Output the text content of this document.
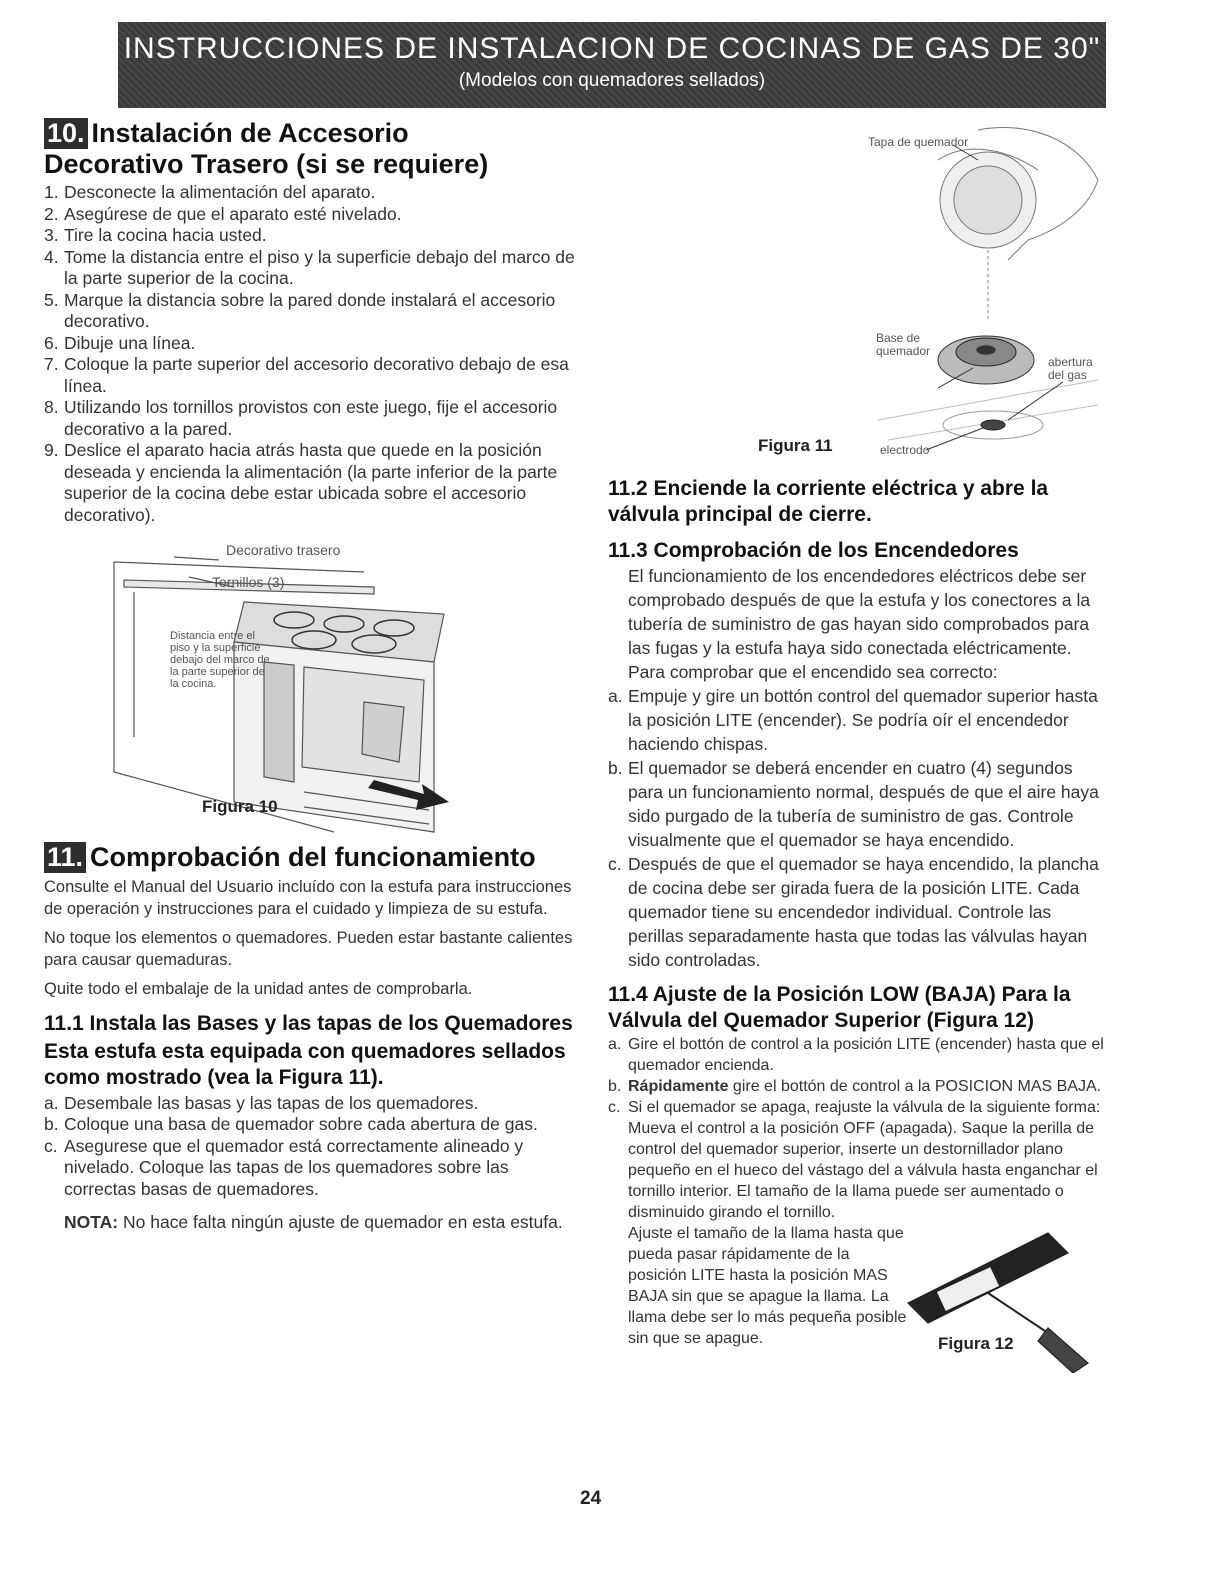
INSTRUCCIONES DE INSTALACION DE COCINAS DE GAS DE 30"
(Modelos con quemadores sellados)
10. Instalación de Accesorio
Decorativo Trasero (si se requiere)
1. Desconecte la alimentación del aparato.
2. Asegúrese de que el aparato esté nivelado.
3. Tire la cocina hacia usted.
4. Tome la distancia entre el piso y la superficie debajo del marco de la parte superior de la cocina.
5. Marque la distancia sobre la pared donde instalará el accesorio decorativo.
6. Dibuje una línea.
7. Coloque la parte superior del accesorio decorativo debajo de esa línea.
8. Utilizando los tornillos provistos con este juego, fije el accesorio decorativo a la pared.
9. Deslice el aparato hacia atrás hasta que quede en la posición deseada y encienda la alimentación (la parte inferior de la parte superior de la cocina debe estar ubicada sobre el accesorio decorativo).
Decorativo trasero
Tornillos (3)
Distancia entre el
piso y la superficie
debajo del marco de
la parte superior de
la cocina.
Figura 10
11. Comprobación del funcionamiento

Consulte el Manual del Usuario incluído con la estufa para instrucciones de operación y instrucciones para el cuidado y limpieza de su estufa.

No toque los elementos o quemadores. Pueden estar bastante calientes para causar quemaduras.

Quite todo el embalaje de la unidad antes de comprobarla.

11.1 Instala las Bases y las tapas de los Quemadores
Esta estufa esta equipada con quemadores sellados como mostrado (vea la Figura 11).
a. Desembale las basas y las tapas de los quemadores.
b. Coloque una basa de quemador sobre cada abertura de gas.
c. Asegurese que el quemador está correctamente alineado y nivelado. Coloque las tapas de los quemadores sobre las correctas basas de quemadores.

NOTA: No hace falta ningún ajuste de quemador en esta estufa.

Tapa de quemador
Base de
quemador
abertura
del gas
electrodo
Figura 11
11.2 Enciende la corriente eléctrica y abre la válvula principal de cierre.
11.3 Comprobación de los Encendedores

El funcionamiento de los encendedores eléctricos debe ser comprobado después de que la estufa y los conectores a la tubería de suministro de gas hayan sido comprobados para las fugas y la estufa haya sido conectada eléctricamente. Para comprobar que el encendido sea correcto:

a. Empuje y gire un bottón control del quemador superior hasta la posición LITE (encender). Se podría oír el encendedor haciendo chispas.
b. El quemador se deberá encender en cuatro (4) segundos para un funcionamiento normal, después de que el aire haya sido purgado de la tubería de suministro de gas. Controle visualmente que el quemador se haya encendido.
c. Después de que el quemador se haya encendido, la plancha de cocina debe ser girada fuera de la posición LITE. Cada quemador tiene su encendedor individual. Controle las perillas separadamente hasta que todas las válvulas hayan sido controladas.
11.4 Ajuste de la Posición LOW (BAJA) Para la Válvula del Quemador Superior (Figura 12)
a. Gire el bottón de control a la posición LITE (encender) hasta que el quemador encienda.
b. Rápidamente gire el bottón de control a la POSICION MAS BAJA.
c. Si el quemador se apaga, reajuste la válvula de la siguiente forma: Mueva el control a la posición OFF (apagada). Saque la perilla de control del quemador superior, inserte un destornillador plano pequeño en el hueco del vástago del a válvula hasta enganchar el tornillo interior. El tamaño de la llama puede ser aumentado o disminuido girando el tornillo.

Ajuste el tamaño de la llama hasta que pueda pasar rápidamente de la posición LITE hasta la posición MAS BAJA sin que se apague la llama. La llama debe ser lo más pequeña posible sin que se apague.	Figura 12
24
